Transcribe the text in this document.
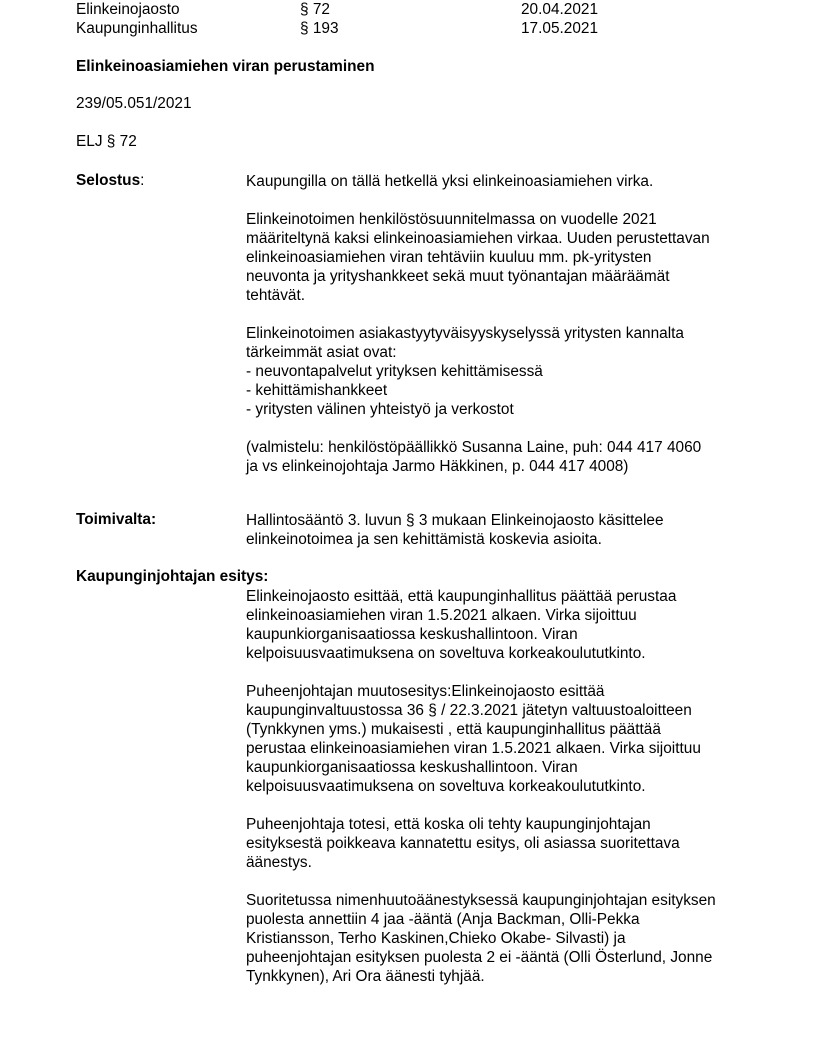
Elinkeinojaosto	§ 72	20.04.2021
Kaupunginhallitus	§ 193	17.05.2021
Elinkeinoasiamiehen viran perustaminen
239/05.051/2021
ELJ § 72
Selostus:	Kaupungilla on tällä hetkellä yksi elinkeinoasiamiehen virka.

Elinkeinotoimen henkilöstösuunnitelmassa on vuodelle 2021
määriteltynä kaksi elinkeinoasiamiehen virkaa. Uuden perustettavan
elinkeinoasiamiehen viran tehtäviin kuuluu mm. pk-yritysten
neuvonta ja yrityshankkeet sekä muut työnantajan määräämät
tehtävät.

Elinkeinotoimen asiakastyytyväisyyskyselyssä yritysten kannalta
tärkeimmät asiat ovat:
- neuvontapalvelut yrityksen kehittämisessä
- kehittämishankkeet
- yritysten välinen yhteistyö ja verkostot

(valmistelu: henkilöstöpäällikkö Susanna Laine, puh: 044 417 4060
ja vs elinkeinojohtaja Jarmo Häkkinen, p. 044 417 4008)

Toimivalta:	Hallintosääntö 3. luvun § 3 mukaan Elinkeinojaosto käsittelee
elinkeinotoimea ja sen kehittämistä koskevia asioita.

Kaupunginjohtajan esitys:

Elinkeinojaosto esittää, että kaupunginhallitus päättää perustaa
elinkeinoasiamiehen viran 1.5.2021 alkaen. Virka sijoittuu
kaupunkiorganisaatiossa keskushallintoon. Viran
kelpoisuusvaatimuksena on soveltuva korkeakoulututkinto.

Puheenjohtajan muutosesitys:Elinkeinojaosto esittää
kaupunginvaltuustossa 36 § / 22.3.2021 jätetyn valtuustoaloitteen
(Tynkkynen yms.) mukaisesti , että kaupunginhallitus päättää
perustaa elinkeinoasiamiehen viran 1.5.2021 alkaen. Virka sijoittuu
kaupunkiorganisaatiossa keskushallintoon. Viran
kelpoisuusvaatimuksena on soveltuva korkeakoulututkinto.

Puheenjohtaja totesi, että koska oli tehty kaupunginjohtajan
esityksestä poikkeava kannatettu esitys, oli asiassa suoritettava
äänestys.

Suoritetussa nimenhuutoäänestyksessä kaupunginjohtajan esityksen
puolesta annettiin 4 jaa -ääntä (Anja Backman, Olli-Pekka
Kristiansson, Terho Kaskinen,Chieko Okabe- Silvasti) ja
puheenjohtajan esityksen puolesta 2 ei -ääntä (Olli Österlund, Jonne
Tynkkynen), Ari Ora äänesti tyhjää.
